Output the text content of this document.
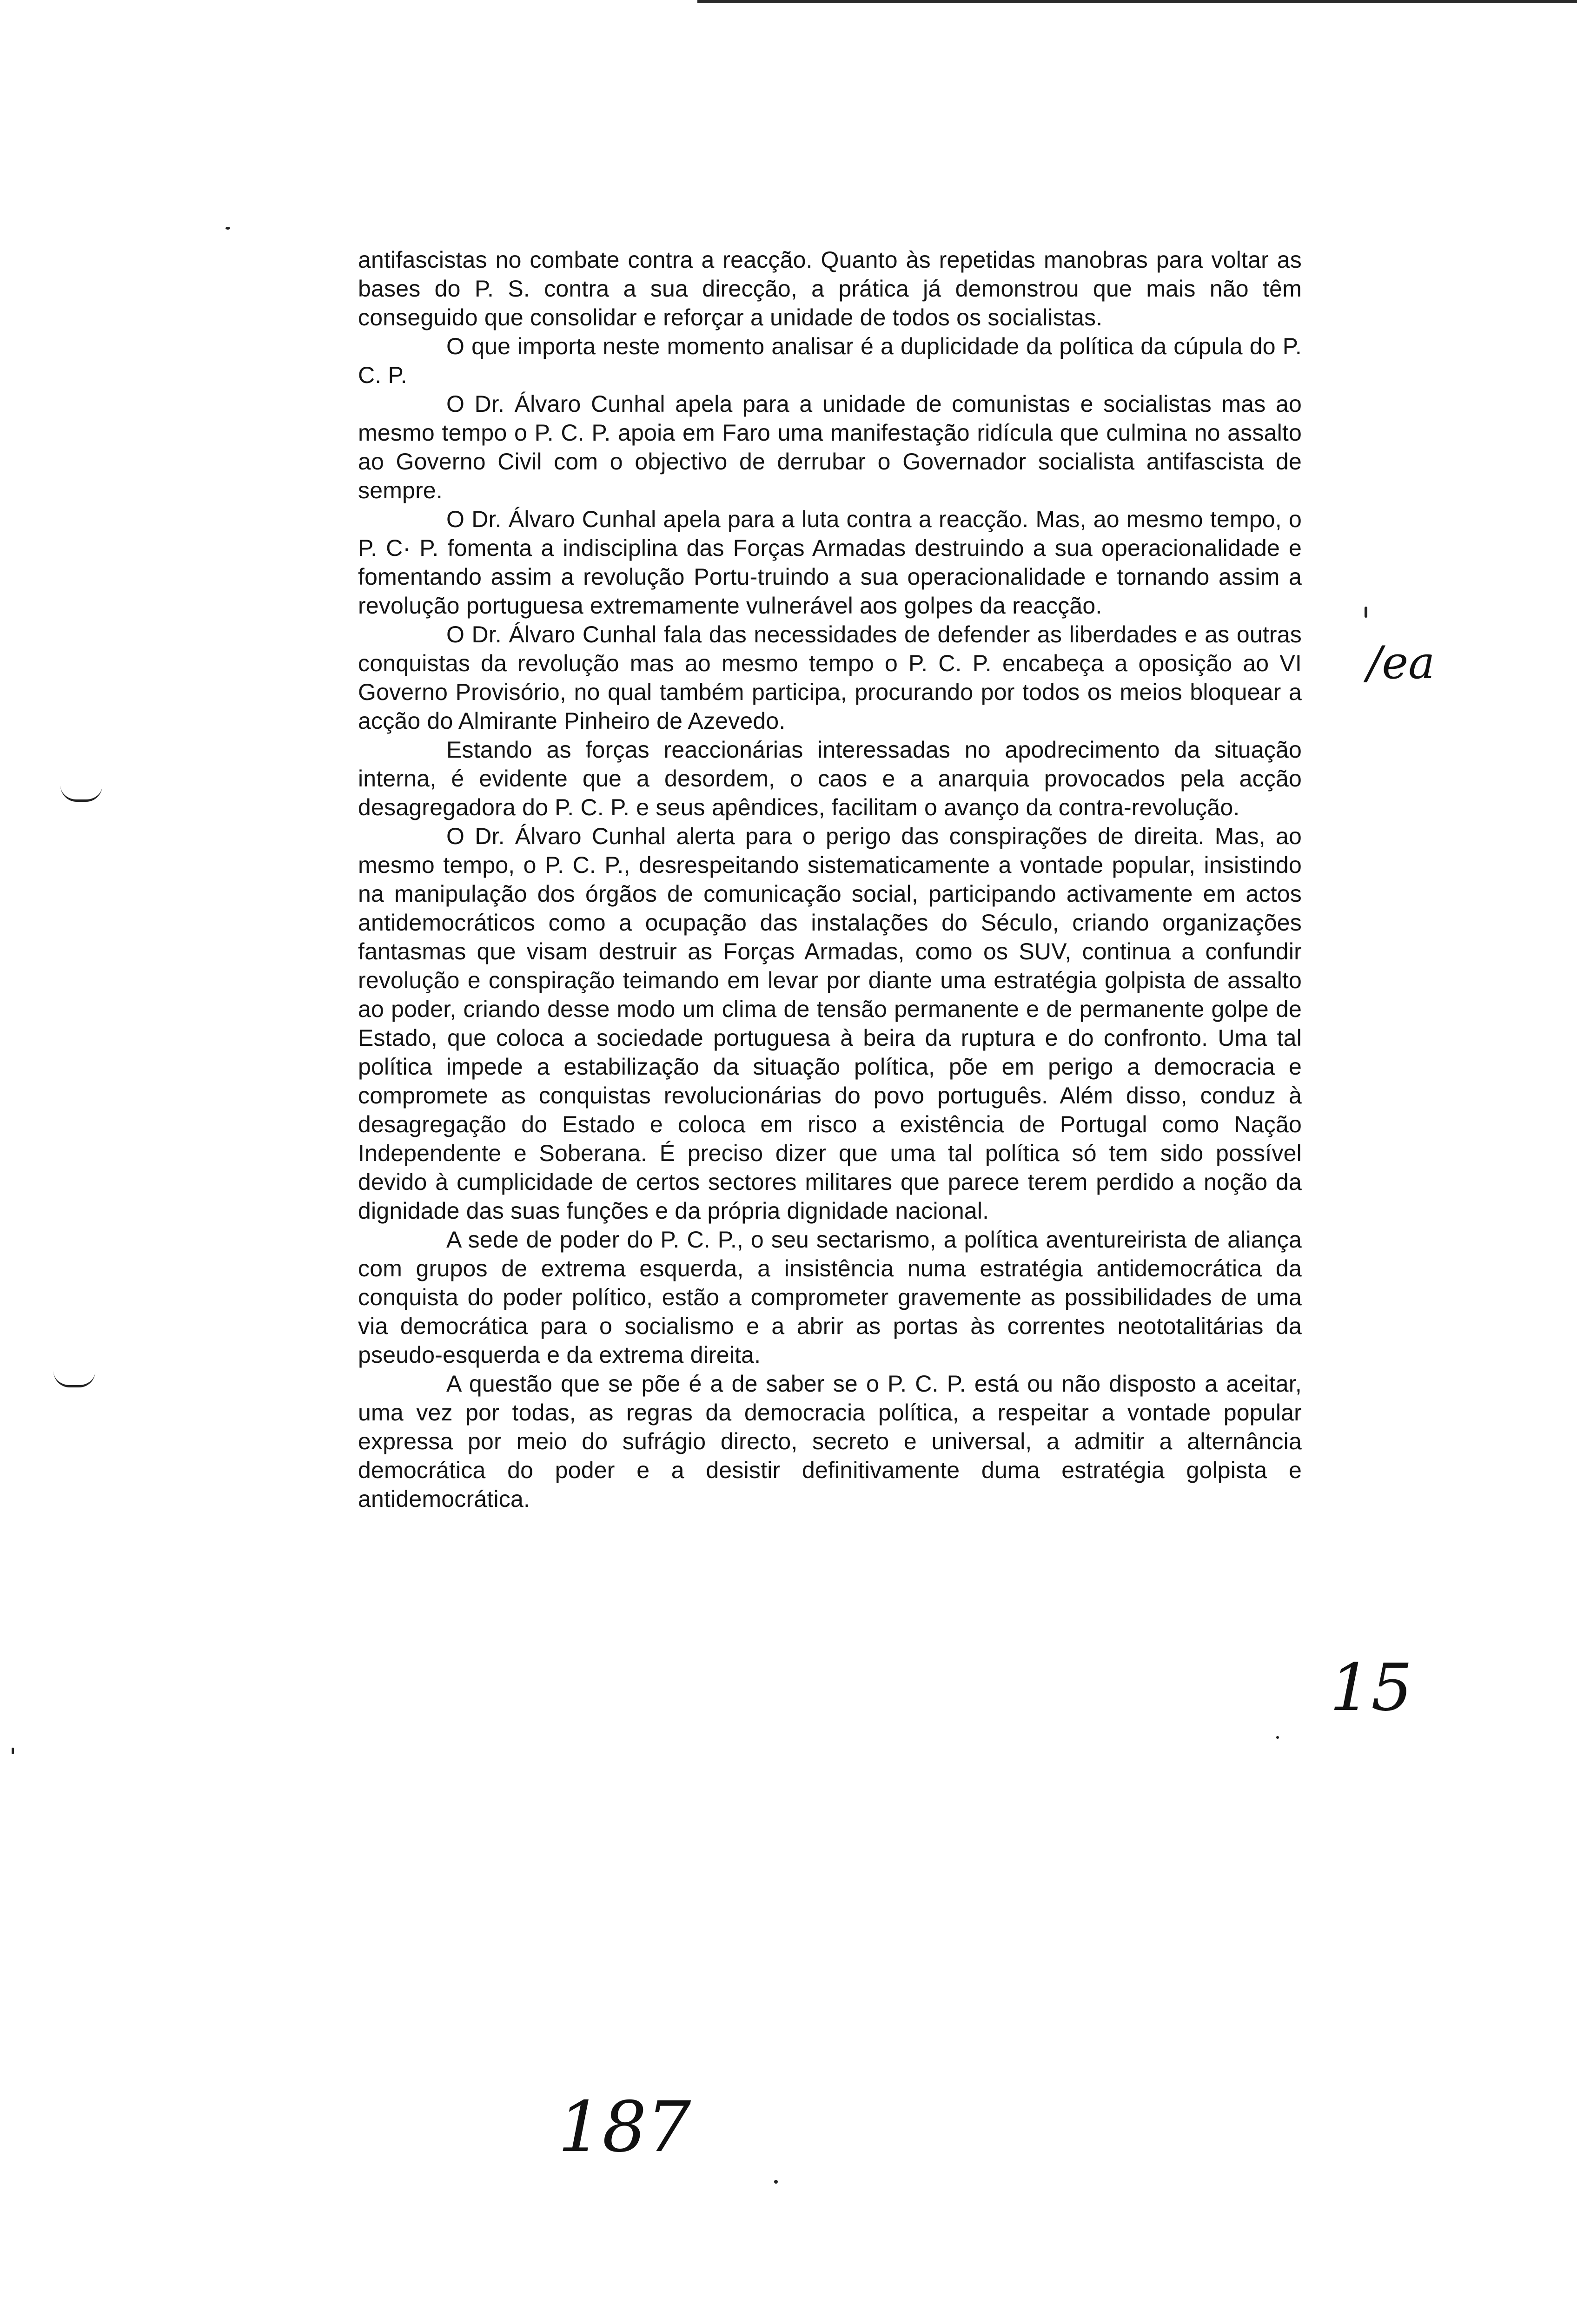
antifascistas no combate contra a reacção. Quanto às repetidas manobras para voltar as bases do P. S. contra a sua direcção, a prática já demonstrou que mais não têm conseguido que consolidar e reforçar a unidade de todos os socialistas.

O que importa neste momento analisar é a duplicidade da política da cúpula do P. C. P.

O Dr. Álvaro Cunhal apela para a unidade de comunistas e socialistas mas ao mesmo tempo o P. C. P. apoia em Faro uma manifestação ridícula que culmina no assalto ao Governo Civil com o objectivo de derrubar o Governador socialista antifascista de sempre.

O Dr. Álvaro Cunhal apela para a luta contra a reacção. Mas, ao mesmo tempo, o P. C· P. fomenta a indisciplina das Forças Armadas destruindo a sua operacionalidade e fomentando assim a revolução Portu-truindo a sua operacionalidade e tornando assim a revolução portuguesa extremamente vulnerável aos golpes da reacção.

O Dr. Álvaro Cunhal fala das necessidades de defender as liberdades e as outras conquistas da revolução mas ao mesmo tempo o P. C. P. encabeça a oposição ao VI Governo Provisório, no qual também participa, procurando por todos os meios bloquear a acção do Almirante Pinheiro de Azevedo.

Estando as forças reaccionárias interessadas no apodrecimento da situação interna, é evidente que a desordem, o caos e a anarquia provocados pela acção desagregadora do P. C. P. e seus apêndices, facilitam o avanço da contra-revolução.

O Dr. Álvaro Cunhal alerta para o perigo das conspirações de direita. Mas, ao mesmo tempo, o P. C. P., desrespeitando sistematicamente a vontade popular, insistindo na manipulação dos órgãos de comunicação social, participando activamente em actos antidemocráticos como a ocupação das instalações do Século, criando organizações fantasmas que visam destruir as Forças Armadas, como os SUV, continua a confundir revolução e conspiração teimando em levar por diante uma estratégia golpista de assalto ao poder, criando desse modo um clima de tensão permanente e de permanente golpe de Estado, que coloca a sociedade portuguesa à beira da ruptura e do confronto. Uma tal política impede a estabilização da situação política, põe em perigo a democracia e compromete as conquistas revolucionárias do povo português. Além disso, conduz à desagregação do Estado e coloca em risco a existência de Portugal como Nação Independente e Soberana. É preciso dizer que uma tal política só tem sido possível devido à cumplicidade de certos sectores militares que parece terem perdido a noção da dignidade das suas funções e da própria dignidade nacional.

A sede de poder do P. C. P., o seu sectarismo, a política aventureirista de aliança com grupos de extrema esquerda, a insistência numa estratégia antidemocrática da conquista do poder político, estão a comprometer gravemente as possibilidades de uma via democrática para o socialismo e a abrir as portas às correntes neototalitárias da pseudo-esquerda e da extrema direita.

A questão que se põe é a de saber se o P. C. P. está ou não disposto a aceitar, uma vez por todas, as regras da democracia política, a respeitar a vontade popular expressa por meio do sufrágio directo, secreto e universal, a admitir a alternância democrática do poder e a desistir definitivamente duma estratégia golpista e antidemocrática.

/ea
15
187
